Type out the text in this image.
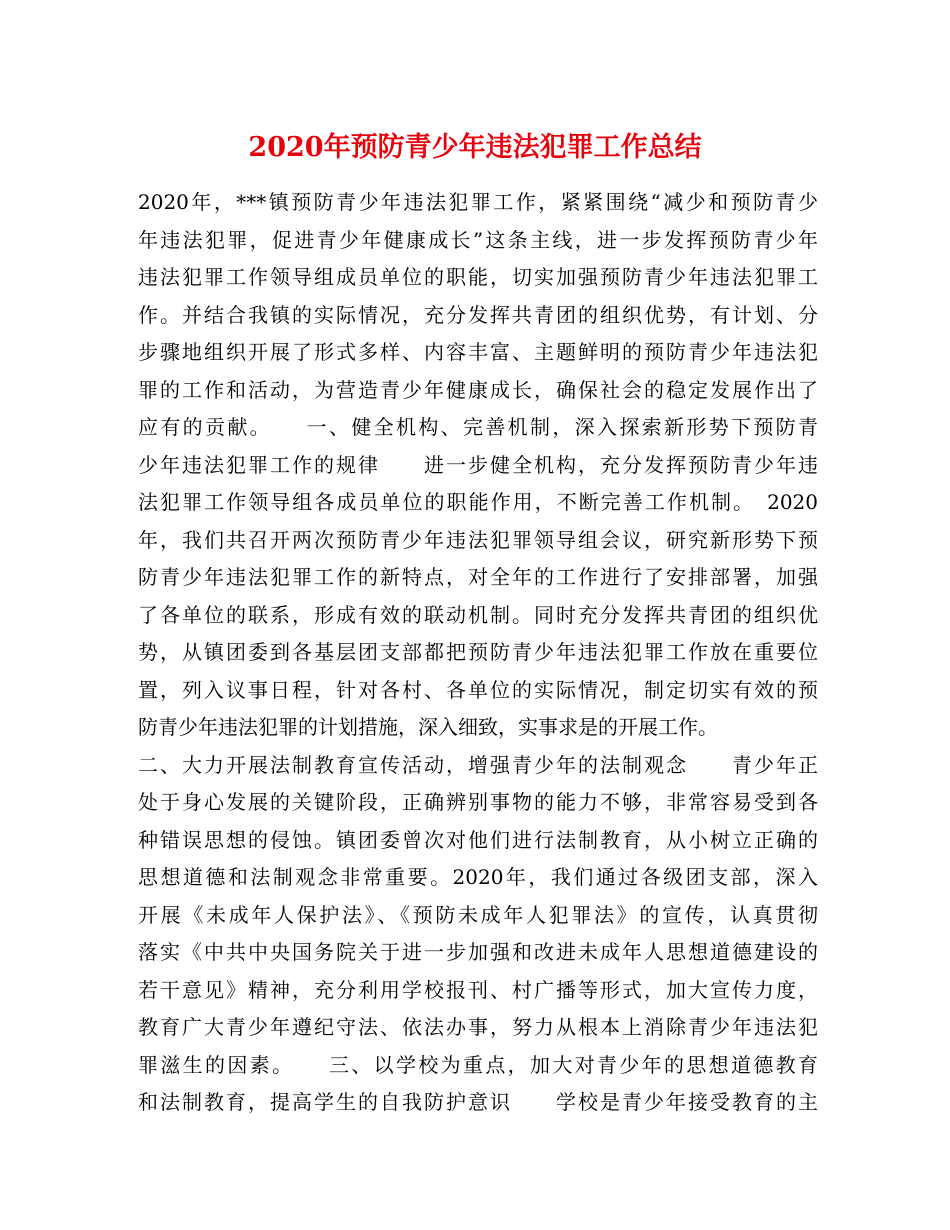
2020年预防青少年违法犯罪工作总结
2020年，***镇预防青少年违法犯罪工作，紧紧围绕“减少和预防青少
年违法犯罪，促进青少年健康成长”这条主线，进一步发挥预防青少年
违法犯罪工作领导组成员单位的职能，切实加强预防青少年违法犯罪工
作。并结合我镇的实际情况，充分发挥共青团的组织优势，有计划、分
步骤地组织开展了形式多样、内容丰富、主题鲜明的预防青少年违法犯
罪的工作和活动，为营造青少年健康成长，确保社会的稳定发展作出了
应有的贡献。　　一、健全机构、完善机制，深入探索新形势下预防青
少年违法犯罪工作的规律　　进一步健全机构，充分发挥预防青少年违
法犯罪工作领导组各成员单位的职能作用，不断完善工作机制。　2020
年，我们共召开两次预防青少年违法犯罪领导组会议，研究新形势下预
防青少年违法犯罪工作的新特点，对全年的工作进行了安排部署，加强
了各单位的联系，形成有效的联动机制。同时充分发挥共青团的组织优
势，从镇团委到各基层团支部都把预防青少年违法犯罪工作放在重要位
置，列入议事日程，针对各村、各单位的实际情况，制定切实有效的预
防青少年违法犯罪的计划措施，深入细致，实事求是的开展工作。
二、大力开展法制教育宣传活动，增强青少年的法制观念　　青少年正
处于身心发展的关键阶段，正确辨别事物的能力不够，非常容易受到各
种错误思想的侵蚀。镇团委曾次对他们进行法制教育，从小树立正确的
思想道德和法制观念非常重要。2020年，我们通过各级团支部，深入
开展《未成年人保护法》、《预防未成年人犯罪法》的宣传，认真贯彻
落实《中共中央国务院关于进一步加强和改进未成年人思想道德建设的
若干意见》精神，充分利用学校报刊、村广播等形式，加大宣传力度，
教育广大青少年遵纪守法、依法办事，努力从根本上消除青少年违法犯
罪滋生的因素。　　三、以学校为重点，加大对青少年的思想道德教育
和法制教育，提高学生的自我防护意识　　学校是青少年接受教育的主
